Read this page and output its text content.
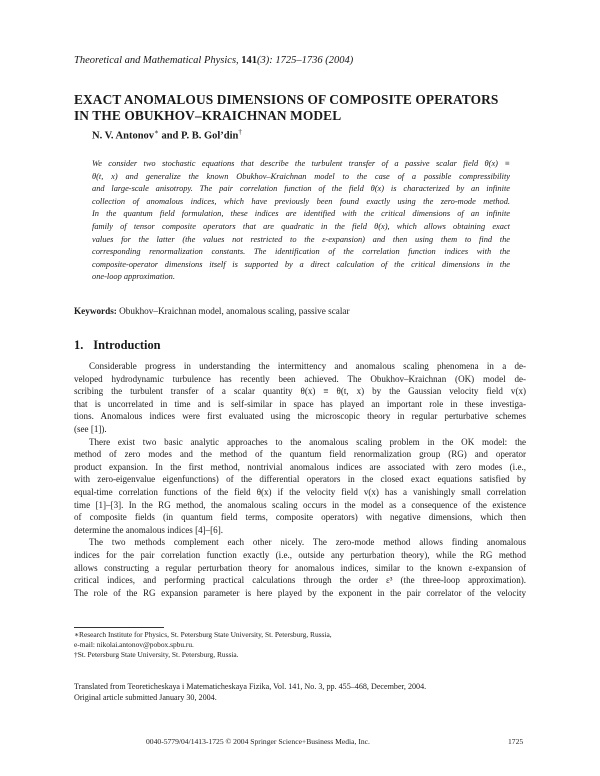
Theoretical and Mathematical Physics, 141(3): 1725–1736 (2004)
EXACT ANOMALOUS DIMENSIONS OF COMPOSITE OPERATORS
IN THE OBUKHOV–KRAICHNAN MODEL
N. V. Antonov∗ and P. B. Gol’din†
We consider two stochastic equations that describe the turbulent transfer of a passive scalar field θ(x) ≡
θ(t, x) and generalize the known Obukhov–Kraichnan model to the case of a possible compressibility
and large-scale anisotropy. The pair correlation function of the field θ(x) is characterized by an infinite
collection of anomalous indices, which have previously been found exactly using the zero-mode method.
In the quantum field formulation, these indices are identified with the critical dimensions of an infinite
family of tensor composite operators that are quadratic in the field θ(x), which allows obtaining exact
values for the latter (the values not restricted to the ε-expansion) and then using them to find the
corresponding renormalization constants. The identification of the correlation function indices with the
composite-operator dimensions itself is supported by a direct calculation of the critical dimensions in the
one-loop approximation.
Keywords: Obukhov–Kraichnan model, anomalous scaling, passive scalar
1. Introduction
Considerable progress in understanding the intermittency and anomalous scaling phenomena in a de-
veloped hydrodynamic turbulence has recently been achieved. The Obukhov–Kraichnan (OK) model de-
scribing the turbulent transfer of a scalar quantity θ(x) ≡ θ(t, x) by the Gaussian velocity field v(x)
that is uncorrelated in time and is self-similar in space has played an important role in these investiga-
tions. Anomalous indices were first evaluated using the microscopic theory in regular perturbative schemes
(see [1]).
There exist two basic analytic approaches to the anomalous scaling problem in the OK model: the
method of zero modes and the method of the quantum field renormalization group (RG) and operator
product expansion. In the first method, nontrivial anomalous indices are associated with zero modes (i.e.,
with zero-eigenvalue eigenfunctions) of the differential operators in the closed exact equations satisfied by
equal-time correlation functions of the field θ(x) if the velocity field v(x) has a vanishingly small correlation
time [1]–[3]. In the RG method, the anomalous scaling occurs in the model as a consequence of the existence
of composite fields (in quantum field terms, composite operators) with negative dimensions, which then
determine the anomalous indices [4]–[6].
The two methods complement each other nicely. The zero-mode method allows finding anomalous
indices for the pair correlation function exactly (i.e., outside any perturbation theory), while the RG method
allows constructing a regular perturbation theory for anomalous indices, similar to the known ε-expansion of
critical indices, and performing practical calculations through the order ε³ (the three-loop approximation).
The role of the RG expansion parameter is here played by the exponent in the pair correlator of the velocity
∗Research Institute for Physics, St. Petersburg State University, St. Petersburg, Russia,
e-mail: nikolai.antonov@pobox.spbu.ru.
†St. Petersburg State University, St. Petersburg, Russia.
Translated from Teoreticheskaya i Matematicheskaya Fizika, Vol. 141, No. 3, pp. 455–468, December, 2004.
Original article submitted January 30, 2004.
0040-5779/04/1413-1725 © 2004 Springer Science+Business Media, Inc.	1725
